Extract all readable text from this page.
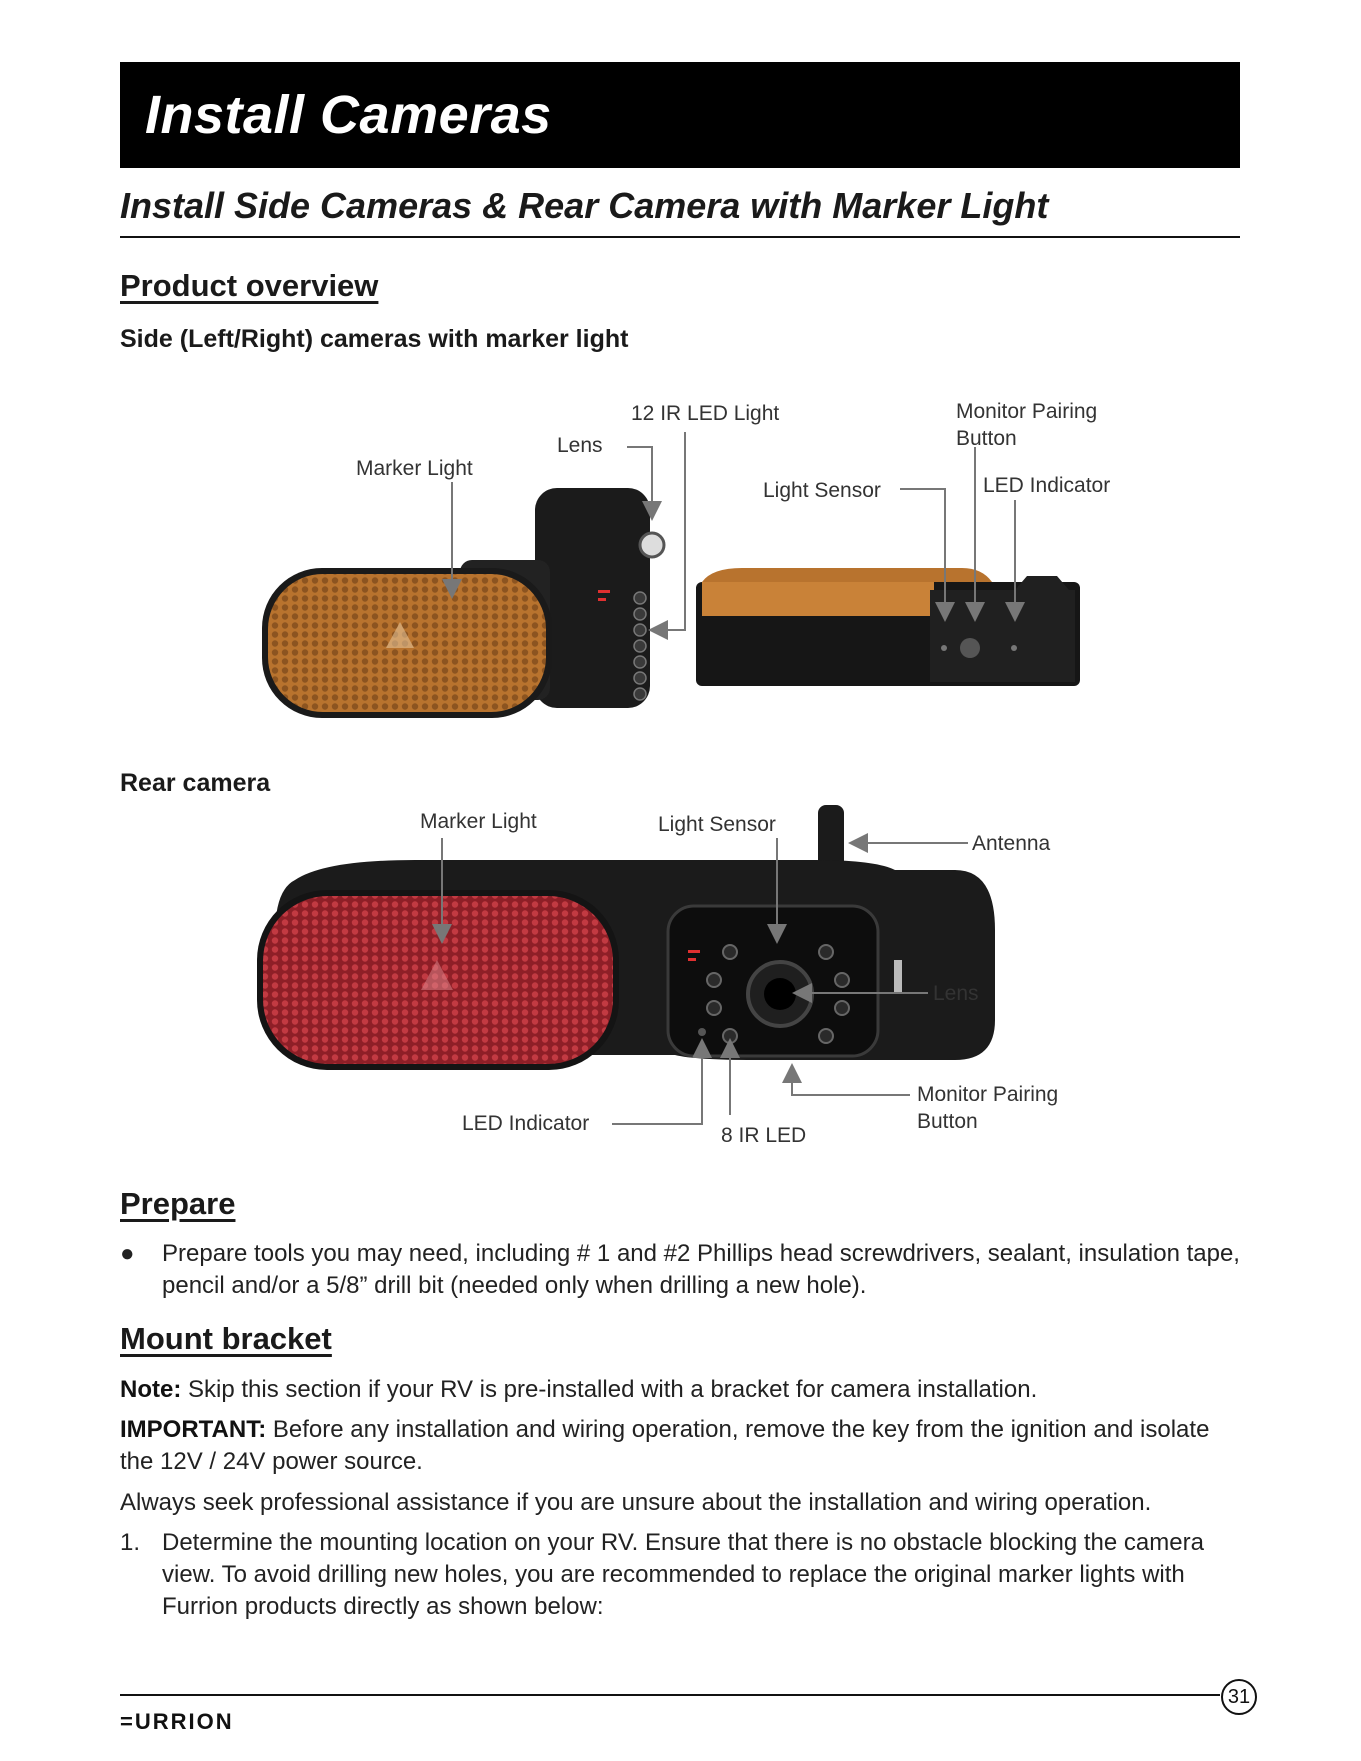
Install Cameras
Install Side Cameras & Rear Camera with Marker Light
Product overview
Side (Left/Right) cameras with marker light
12 IR LED Light
Lens
Marker Light
Light Sensor
Monitor Pairing
Button
LED Indicator
Rear camera
Marker Light	Light Sensor
Antenna
Lens
Monitor Pairing
Button
LED Indicator
8 IR LED
Prepare
●	Prepare tools you may need, including # 1 and #2 Phillips head screwdrivers, sealant, insulation tape, pencil and/or a 5/8” drill bit (needed only when drilling a new hole).
Mount bracket

Note: Skip this section if your RV is pre-installed with a bracket for camera installation.

IMPORTANT: Before any installation and wiring operation, remove the key from the ignition and isolate the 12V / 24V power source.

Always seek professional assistance if you are unsure about the installation and wiring operation.

1. Determine the mounting location on your RV. Ensure that there is no obstacle blocking the camera view. To avoid drilling new holes, you are recommended to replace the original marker lights with Furrion products directly as shown below:
31
=URRION
